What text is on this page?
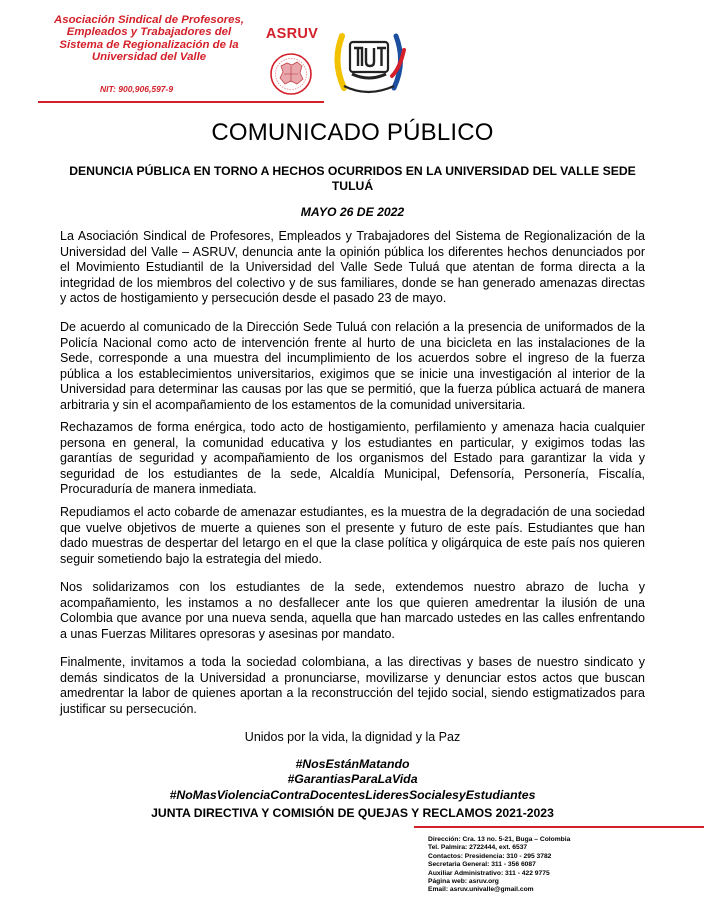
Asociación Sindical de Profesores,
Empleados y Trabajadores del
Sistema de Regionalización de la
Universidad del Valle
NIT: 900,906,597-9
ASRUV
COMUNICADO PÚBLICO
DENUNCIA PÚBLICA EN TORNO A HECHOS OCURRIDOS EN LA UNIVERSIDAD DEL VALLE SEDE TULUÁ
MAYO 26 DE 2022
La Asociación Sindical de Profesores, Empleados y Trabajadores del Sistema de Regionalización de la Universidad del Valle – ASRUV, denuncia ante la opinión pública los diferentes hechos denunciados por el Movimiento Estudiantil de la Universidad del Valle Sede Tuluá que atentan de forma directa a la integridad de los miembros del colectivo y de sus familiares, donde se han generado amenazas directas y actos de hostigamiento y persecución desde el pasado 23 de mayo.
De acuerdo al comunicado de la Dirección Sede Tuluá con relación a la presencia de uniformados de la Policía Nacional como acto de intervención frente al hurto de una bicicleta en las instalaciones de la Sede, corresponde a una muestra del incumplimiento de los acuerdos sobre el ingreso de la fuerza pública a los establecimientos universitarios, exigimos que se inicie una investigación al interior de la Universidad para determinar las causas por las que se permitió, que la fuerza pública actuará de manera arbitraria y sin el acompañamiento de los estamentos de la comunidad universitaria.
Rechazamos de forma enérgica, todo acto de hostigamiento, perfilamiento y amenaza hacia cualquier persona en general, la comunidad educativa y los estudiantes en particular, y exigimos todas las garantías de seguridad y acompañamiento de los organismos del Estado para garantizar la vida y seguridad de los estudiantes de la sede, Alcaldía Municipal, Defensoría, Personería, Fiscalía, Procuraduría de manera inmediata.
Repudiamos el acto cobarde de amenazar estudiantes, es la muestra de la degradación de una sociedad que vuelve objetivos de muerte a quienes son el presente y futuro de este país. Estudiantes que han dado muestras de despertar del letargo en el que la clase política y oligárquica de este país nos quieren seguir sometiendo bajo la estrategia del miedo.
Nos solidarizamos con los estudiantes de la sede, extendemos nuestro abrazo de lucha y acompañamiento, les instamos a no desfallecer ante los que quieren amedrentar la ilusión de una Colombia que avance por una nueva senda, aquella que han marcado ustedes en las calles enfrentando a unas Fuerzas Militares opresoras y asesinas por mandato.
Finalmente, invitamos a toda la sociedad colombiana, a las directivas y bases de nuestro sindicato y demás sindicatos de la Universidad a pronunciarse, movilizarse y denunciar estos actos que buscan amedrentar la labor de quienes aportan a la reconstrucción del tejido social, siendo estigmatizados para justificar su persecución.
Unidos por la vida, la dignidad y la Paz
#NosEstánMatando
#GarantiasParaLaVida
#NoMasViolenciaContraDocentesLideresSocialesyEstudiantes
JUNTA DIRECTIVA Y COMISIÓN DE QUEJAS Y RECLAMOS 2021-2023
Dirección: Cra. 13 no. 5-21, Buga – Colombia
Tel. Palmira: 2722444, ext. 6537
Contactos: Presidencia: 310 - 295 3782
Secretaria General: 311 - 356 6087
Auxiliar Administrativo: 311 - 422 9775
Página web: asruv.org
Email: asruv.univalle@gmail.com
